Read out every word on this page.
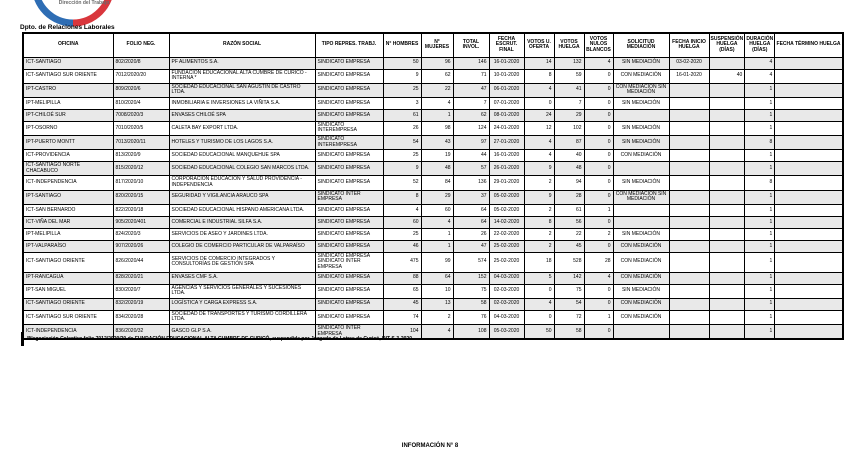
Dirección del Trabajo
Dpto. de Relaciones Laborales
OFICINA	FOLIO NEG.	RAZÓN SOCIAL	TIPO REPRES. TRABJ.	N° HOMBRES	N° MUJERES	TOTAL INVOL.	FECHA ESCRUT. FINAL	VOTOS U. OFERTA	VOTOS HUELGA	VOTOS NULOS BLANCOS	SOLICITUD MEDIACIÓN	FECHA INICIO HUELGA	SUSPENSIÓN HUELGA (DÍAS)	DURACIÓN HUELGA (DÍAS)	FECHA TÉRMINO HUELGA
ICT-SANTIAGO	802/2020/8	PF ALIMENTOS S.A.	SINDICATO EMPRESA	50	96	146	16-01-2020	14	132	4	SIN MEDIACIÓN	03-02-2020		4	
ICT-SANTIAGO SUR ORIENTE	7012/2020/20	FUNDACIÓN EDUCACIONAL ALTA CUMBRE DE CURICÓ - INTERNA *	SINDICATO EMPRESA	9	62	71	10-01-2020	8	59	0	CON MEDIACIÓN	16-01-2020	40	4	
IPT-CASTRO	809/2020/6	SOCIEDAD EDUCACIONAL SAN AGUSTÍN DE CASTRO LTDA.	SINDICATO EMPRESA	25	22	47	06-01-2020	4	41	0	CON MEDIACIÓN SIN MEDIACIÓN			1	
IPT-MELIPILLA	810/2020/4	INMOBILIARIA E INVERSIONES LA VIÑITA S.A.	SINDICATO EMPRESA	3	4	7	07-01-2020	0	7	0	SIN MEDIACIÓN			1	
IPT-CHILOÉ SUR	7008/2020/3	ENVASES CHILOÉ SPA	SINDICATO EMPRESA	61	1	62	08-01-2020	24	29	0				1	
IPT-OSORNO	7010/2020/5	CALETA BAY EXPORT LTDA.	SINDICATO INTEREMPRESA	26	98	124	24-01-2020	12	102	0	SIN MEDIACIÓN			1	
IPT-PUERTO MONTT	7013/2020/11	HOTELES Y TURISMO DE LOS LAGOS S.A.	SINDICATO INTEREMPRESA	54	43	97	27-01-2020	4	87	0	SIN MEDIACIÓN			8	
ICT-PROVIDENCIA	813/2020/9	SOCIEDAD EDUCACIONAL MANQUEHUE SPA	SINDICATO EMPRESA	25	19	44	16-01-2020	4	40	0	CON MEDIACIÓN			1	
ICT-SANTIAGO NORTE CHACABUCO	815/2020/12	SOCIEDAD EDUCACIONAL COLEGIO SAN MARCOS LTDA.	SINDICATO EMPRESA	9	48	57	26-01-2020	9	48	0				1	
ICT-INDEPENDENCIA	817/2020/10	CORPORACIÓN EDUCACIÓN Y SALUD PROVIDENCIA - INDEPENDENCIA	SINDICATO EMPRESA	52	84	136	29-01-2020	2	94	0	SIN MEDIACIÓN			8	
IPT-SANTIAGO	820/2020/15	SEGURIDAD Y VIGILANCIA ARAUCO SPA	SINDICATO INTER EMPRESA	8	29	37	05-02-2020	9	28	0	CON MEDIACIÓN SIN MEDIACIÓN			1	
ICT-SAN BERNARDO	822/2020/18	SOCIEDAD EDUCACIONAL HISPANO AMERICANA LTDA.	SINDICATO EMPRESA	4	60	64	05-02-2020	2	61	1				1	
ICT-VIÑA DEL MAR	905/2020/401	COMERCIAL E INDUSTRIAL SILFA S.A.	SINDICATO EMPRESA	60	4	64	14-02-2020	8	56	0				1	
IPT-MELIPILLA	824/2020/3	SERVICIOS DE ASEO Y JARDINES LTDA.	SINDICATO EMPRESA	25	1	26	22-02-2020	2	22	2	SIN MEDIACIÓN			1	
IPT-VALPARAÍSO	907/2020/26	COLEGIO DE COMERCIO PARTICULAR DE VALPARAÍSO	SINDICATO EMPRESA	46	1	47	25-02-2020	2	45	0	CON MEDIACIÓN			1	
ICT-SANTIAGO ORIENTE	826/2020/44	SERVICIOS DE COMERCIO INTEGRADOS Y CONSULTORÍAS DE GESTIÓN SPA	SINDICATO EMPRESA SINDICATO INTER EMPRESA	475	99	574	25-02-2020	18	528	28	CON MEDIACIÓN			1	
IPT-RANCAGUA	828/2020/21	ENVASES CMF S.A.	SINDICATO EMPRESA	88	64	152	04-03-2020	5	142	4	CON MEDIACIÓN			1	
IPT-SAN MIGUEL	830/2020/7	AGENCIAS Y SERVICIOS GENERALES Y SUCESIONES LTDA.	SINDICATO EMPRESA	65	10	75	02-03-2020	0	75	0	SIN MEDIACIÓN			1	
ICT-SANTIAGO ORIENTE	832/2020/19	LOGÍSTICA Y CARGA EXPRESS S.A.	SINDICATO EMPRESA	45	13	58	02-03-2020	4	54	0	CON MEDIACIÓN			1	
ICT-SANTIAGO SUR ORIENTE	834/2020/28	SOCIEDAD DE TRANSPORTES Y TURISMO CORDILLERA LTDA.	SINDICATO EMPRESA	74	2	76	04-03-2020	0	72	1	CON MEDIACIÓN			1	
ICT-INDEPENDENCIA	836/2020/32	GASCO GLP S.A.	SINDICATO INTER EMPRESA	104	4	108	05-03-2020	50	58	0				1	
*Negociación Colectiva folio 7012/2020/20 de FUNDACIÓN EDUCACIONAL ALTA CUMBRE DE CURICÓ, suspendida por Juzgado de Letras de Curicó, RIT S-3-2020
INFORMACIÓN N° 8
